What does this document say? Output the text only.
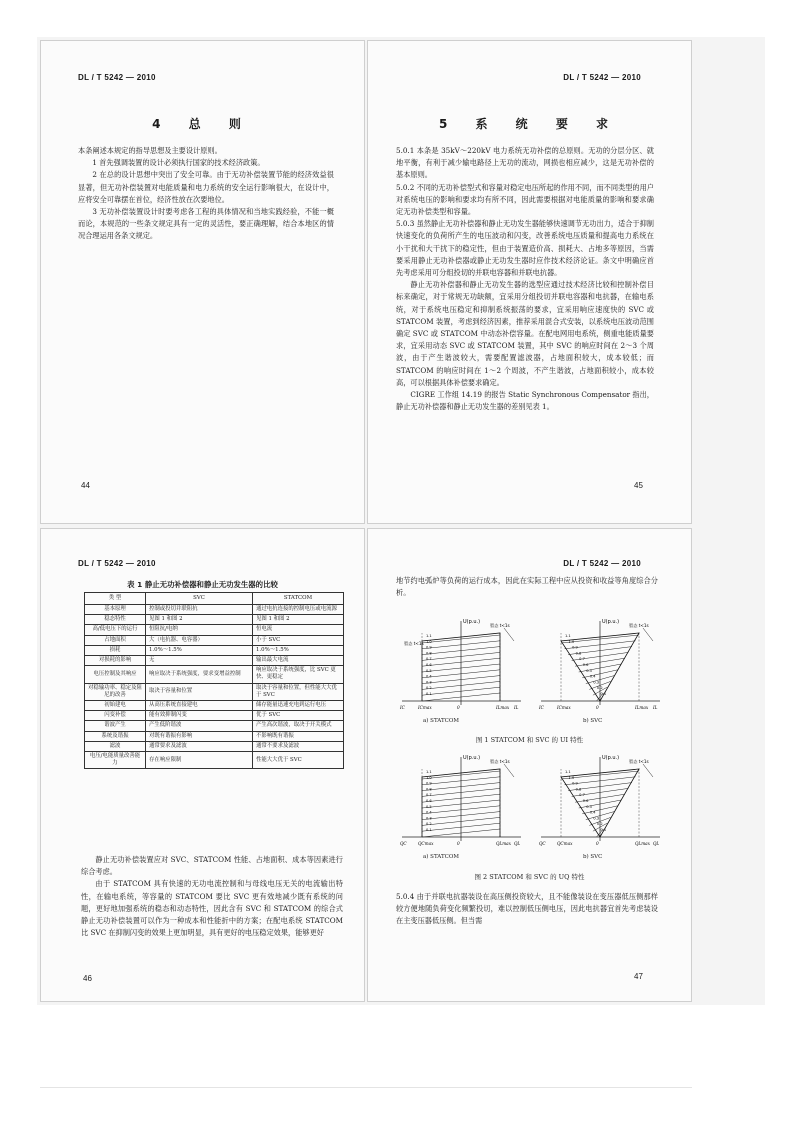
DL / T 5242 — 2010
4 总 则

本条阐述本规定的指导思想及主要设计原则。

1 首先强调装置的设计必须执行国家的技术经济政策。

2 在总的设计思想中突出了安全可靠。由于无功补偿装置节能的经济效益很显著，但无功补偿装置对电能质量和电力系统的安全运行影响很大，在设计中，应将安全可靠摆在首位，经济性放在次要地位。

3 无功补偿装置设计时要考虑各工程的具体情况和当地实践经验，不能一概而论，本规范的一些条文规定具有一定的灵活性，要正确理解，结合本地区的情况合理运用各条文规定。

44
DL / T 5242 — 2010
5 系 统 要 求

5.0.1 本条是 35kV～220kV 电力系统无功补偿的总原则。无功的分层分区、就地平衡，有利于减少输电路径上无功的流动，网损也相应减少，这是无功补偿的基本原则。

5.0.2 不同的无功补偿型式和容量对稳定电压所起的作用不同，而不同类型的用户对系统电压的影响和要求均有所不同，因此需要根据对电能质量的影响和要求确定无功补偿类型和容量。

5.0.3 虽然静止无功补偿器和静止无功发生器能够快速调节无功出力，适合于抑制快速变化的负荷所产生的电压波动和闪变，改善系统电压质量和提高电力系统在小干扰和大干扰下的稳定性，但由于装置造价高、损耗大、占地多等原因，当需要采用静止无功补偿器或静止无功发生器时应作技术经济论证。条文中明确应首先考虑采用可分组投切的并联电容器和并联电抗器。

静止无功补偿器和静止无功发生器的选型应通过技术经济比较和控制补偿目标来确定，对于常规无功缺额，宜采用分组投切并联电容器和电抗器，在输电系统，对于系统电压稳定和抑制系统振荡的要求，宜采用响应速度快的 SVC 或 STATCOM 装置，考虑到经济因素，推荐采用混合式安装，以系统电压波动范围确定 SVC 或 STATCOM 中动态补偿容量。在配电网用电系统，侧重电能质量要求，宜采用动态 SVC 或 STATCOM 装置，其中 SVC 的响应时间在 2～3 个周波，由于产生谐波较大，需要配置滤波器，占地面积较大，成本较低；而 STATCOM 的响应时间在 1～2 个周波，不产生谐波，占地面积较小，成本较高，可以根据具体补偿要求确定。

CIGRE 工作组 14.19 的报告 Static Synchronous Compensator 指出，静止无功补偿器和静止无功发生器的差别见表 1。

45
DL / T 5242 — 2010
表 1 静止无功补偿器和静止无功发生器的比较
类 型	SVC	STATCOM
基本原理	控制或投切并联阻抗	通过电抗连接的控制电压或电流源
稳态特性	见图 1 和图 2	见图 1 和图 2
高/低电压下的运行	恒阻抗/电纳	恒电流
占地面积	大（电抗器、电容器）	小于 SVC
损耗	1.0%～1.5%	1.0%～1.5%
对损耗的影响	无	输出最大电流
电压控制及其响应	响应取决于系统强度，要求变增益控制	响应取决于系统强度，比 SVC 更快、更稳定
对稳输功率、稳定及阻尼的改善	取决于容量和位置	取决于容量和位置，但性能大大优于 SVC
初始建电	从高压系统直接建电	储存能量迅速充电到运行电压
闪变补偿	能有效抑制闪变	优于 SVC
谐波产生	产生低阶谐波	产生高次谐波，取决于开关模式
系统及谐振	对既有谐振有影响	不影响既有谐振
滤波	通常要求及滤波	通常不要求及滤波
电压/电能质量改善能力	存在响应限制	性能大大优于 SVC

静止无功补偿装置应对 SVC、STATCOM 性能、占地面积、成本等因素进行综合考虑。

由于 STATCOM 具有快速的无功电流控制和与母线电压无关的电流输出特性，在输电系统，等容量的 STATCOM 要比 SVC 更有效地减少既有系统的问题，更好地加强系统的稳态和动态特性，因此含有 SVC 和 STATCOM 的综合式静止无功补偿装置可以作为一种成本和性能折中的方案；在配电系统 STATCOM 比 SVC 在抑制闪变的效果上更加明显，具有更好的电压稳定效果，能够更好

46
DL / T 5242 — 2010

地节约电弧炉等负荷的运行成本，因此在实际工程中应从投资和收益等角度综合分析。

U(p.u.)
IC	ICmax	0	ILmax IL
1.1
1.0
0.9
0.8
0.7
0.6
0.5
0.4
0.3
0.2
0.1
暂态 t<1s
暂态 t<1s
U(p.u.)
IC	ICmax	0	ILmax IL
1.1
1.0
0.9
0.8
0.7
0.6
0.5
0.4
0.3
0.2
0.1
暂态 t<1s
a) STATCOM	b) SVC
图 1 STATCOM 和 SVC 的 UI 特性
U(p.u.)
QC	QCmax	0	QLmax QL
1.1
1.0
0.9
0.8
0.7
0.6
0.5
0.4
0.3
0.2
0.1
暂态 t<1s
U(p.u.)
QC	QCmax	0	QLmax QL
1.1
1.0
0.9
0.8
0.7
0.6
0.5
0.4
0.3
0.2
0.1
暂态 t<1s
a) STATCOM	b) SVC
图 2 STATCOM 和 SVC 的 UQ 特性

5.0.4 由于并联电抗器装设在高压侧投资较大，且不能像装设在变压器低压侧那样较方便地随负荷变化频繁投切，难以控制低压侧电压，因此电抗器宜首先考虑装设在主变压器低压侧。但当需

47
